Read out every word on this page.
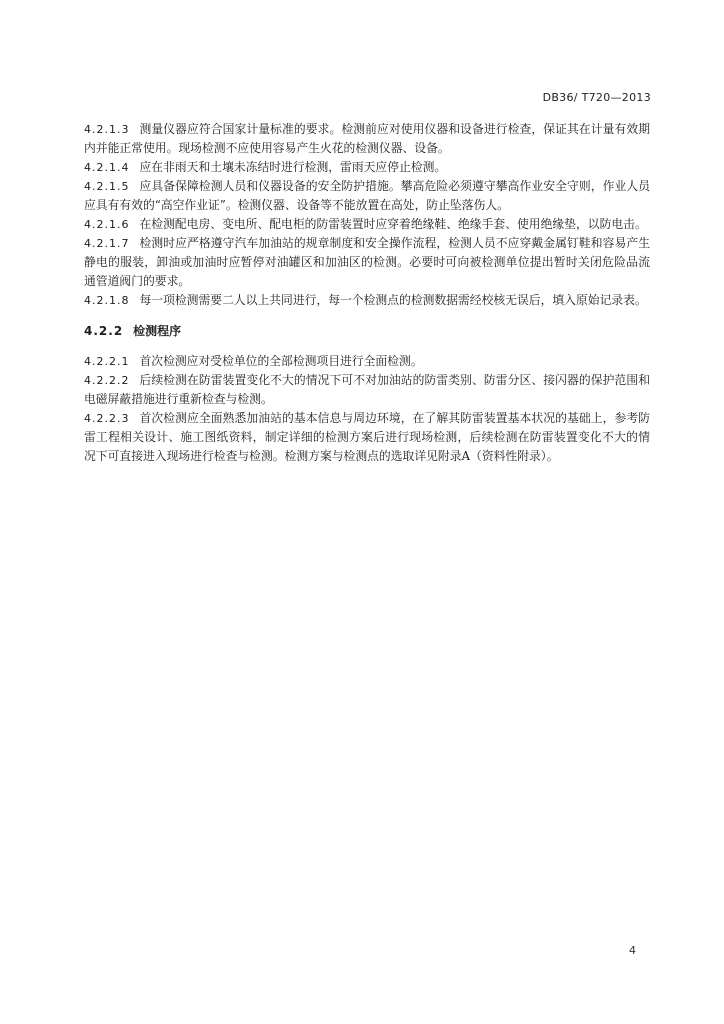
DB36/ T720—2013

4.2.1.3 测量仪器应符合国家计量标准的要求。检测前应对使用仪器和设备进行检查，保证其在计量有效期内并能正常使用。现场检测不应使用容易产生火花的检测仪器、设备。

4.2.1.4 应在非雨天和土壤未冻结时进行检测，雷雨天应停止检测。

4.2.1.5 应具备保障检测人员和仪器设备的安全防护措施。攀高危险必须遵守攀高作业安全守则，作业人员应具有有效的“高空作业证”。检测仪器、设备等不能放置在高处，防止坠落伤人。

4.2.1.6 在检测配电房、变电所、配电柜的防雷装置时应穿着绝缘鞋、绝缘手套、使用绝缘垫，以防电击。

4.2.1.7 检测时应严格遵守汽车加油站的规章制度和安全操作流程，检测人员不应穿戴金属钉鞋和容易产生静电的服装，卸油或加油时应暂停对油罐区和加油区的检测。必要时可向被检测单位提出暂时关闭危险品流通管道阀门的要求。

4.2.1.8 每一项检测需要二人以上共同进行，每一个检测点的检测数据需经校核无误后，填入原始记录表。

4.2.2 检测程序

4.2.2.1 首次检测应对受检单位的全部检测项目进行全面检测。

4.2.2.2 后续检测在防雷装置变化不大的情况下可不对加油站的防雷类别、防雷分区、接闪器的保护范围和电磁屏蔽措施进行重新检查与检测。

4.2.2.3 首次检测应全面熟悉加油站的基本信息与周边环境，在了解其防雷装置基本状况的基础上，参考防雷工程相关设计、施工图纸资料，制定详细的检测方案后进行现场检测，后续检测在防雷装置变化不大的情况下可直接进入现场进行检查与检测。检测方案与检测点的选取详见附录A（资料性附录）。

4
